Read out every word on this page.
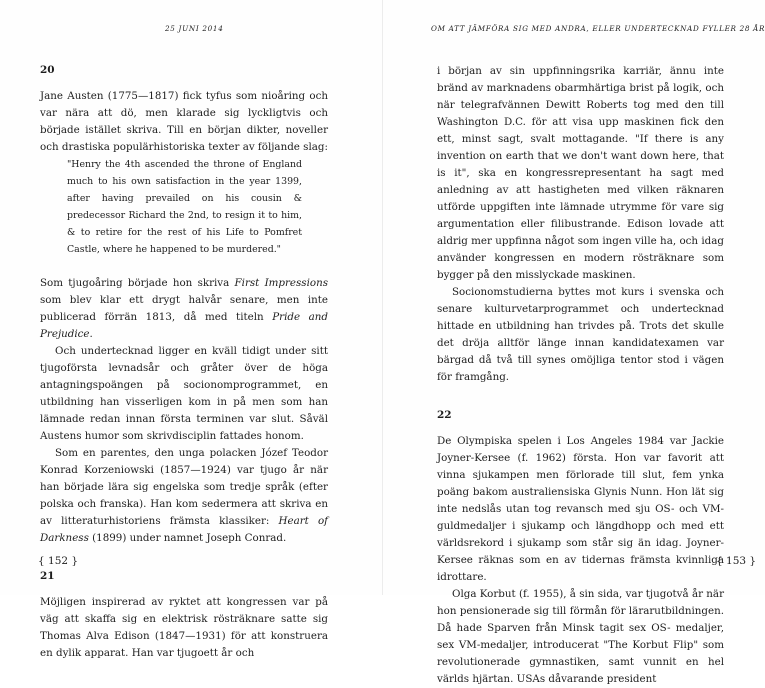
25 JUNI 2014
20

Jane Austen (1775—1817) fick tyfus som nioåring och var nära att dö, men klarade sig lyckligtvis och började istället skriva. Till en början dikter, noveller och drastiska populärhistoriska texter av följande slag:

"Henry the 4th ascended the throne of England much to his own satisfaction in the year 1399, after having prevailed on his cousin & predecessor Richard the 2nd, to resign it to him, & to retire for the rest of his Life to Pomfret Castle, where he happened to be murdered."

Som tjugoåring började hon skriva First Impressions som blev klar ett drygt halvår senare, men inte publicerad förrän 1813, då med titeln Pride and Prejudice.

Och undertecknad ligger en kväll tidigt under sitt tjugoförsta levnadsår och gråter över de höga antagningspoängen på socionomprogrammet, en utbildning han visserligen kom in på men som han lämnade redan innan första terminen var slut. Såväl Austens humor som skrivdisciplin fattades honom.

Som en parentes, den unga polacken Józef Teodor Konrad Korzeniowski (1857—1924) var tjugo år när han började lära sig engelska som tredje språk (efter polska och franska). Han kom sedermera att skriva en av litteraturhistoriens främsta klassiker: Heart of Darkness (1899) under namnet Joseph Conrad.

21

Möjligen inspirerad av ryktet att kongressen var på väg att skaffa sig en elektrisk rösträknare satte sig Thomas Alva Edison (1847—1931) för att konstruera en dylik apparat. Han var tjugoett år och

{ 152 }
OM ATT JÄMFÖRA SIG MED ANDRA, ELLER UNDERTECKNAD FYLLER 28 ÅR

i början av sin uppfinningsrika karriär, ännu inte bränd av marknadens obarmhärtiga brist på logik, och när telegrafvännen Dewitt Roberts tog med den till Washington D.C. för att visa upp maskinen fick den ett, minst sagt, svalt mottagande. "If there is any invention on earth that we don't want down here, that is it", ska en kongressrepresentant ha sagt med anledning av att hastigheten med vilken räknaren utförde uppgiften inte lämnade utrymme för vare sig argumentation eller filibustrande. Edison lovade att aldrig mer uppfinna något som ingen ville ha, och idag använder kongressen en modern rösträknare som bygger på den misslyckade maskinen.

Socionomstudierna byttes mot kurs i svenska och senare kulturvetarprogrammet och undertecknad hittade en utbildning han trivdes på. Trots det skulle det dröja alltför länge innan kandidatexamen var bärgad då två till synes omöjliga tentor stod i vägen för framgång.

22

De Olympiska spelen i Los Angeles 1984 var Jackie Joyner-Kersee (f. 1962) första. Hon var favorit att vinna sjukampen men förlorade till slut, fem ynka poäng bakom australiensiska Glynis Nunn. Hon lät sig inte nedslås utan tog revansch med sju OS- och VM-guldmedaljer i sjukamp och längdhopp och med ett världsrekord i sjukamp som står sig än idag. Joyner-Kersee räknas som en av tidernas främsta kvinnliga idrottare.

Olga Korbut (f. 1955), å sin sida, var tjugotvå år när hon pensionerade sig till förmån för lärarutbildningen. Då hade Sparven från Minsk tagit sex OS- medaljer, sex VM-medaljer, introducerat "The Korbut Flip" som revolutionerade gymnastiken, samt vunnit en hel världs hjärtan. USAs dåvarande president

{ 153 }
